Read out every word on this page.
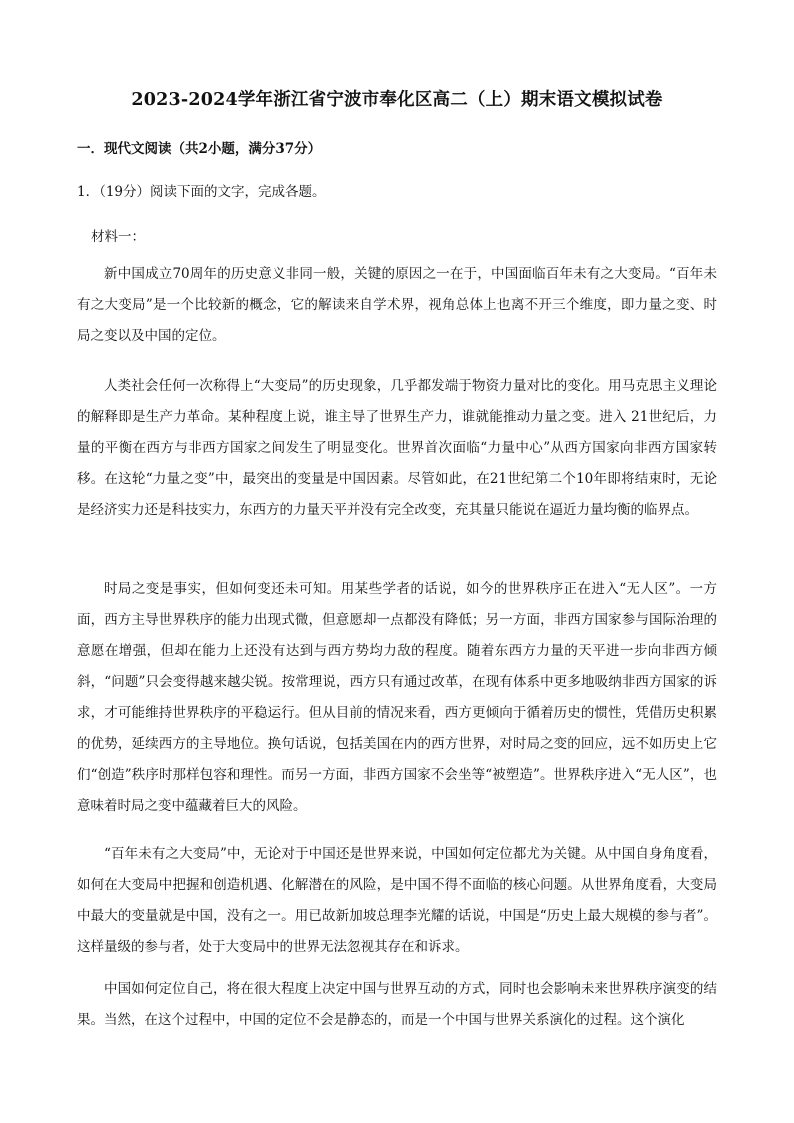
2023-2024学年浙江省宁波市奉化区高二（上）期末语文模拟试卷
一．现代文阅读（共2小题，满分37分）
1．（19分）阅读下面的文字，完成各题。
材料一：

新中国成立70周年的历史意义非同一般，关键的原因之一在于，中国面临百年未有之大变局。“百年未有之大变局”是一个比较新的概念，它的解读来自学术界，视角总体上也离不开三个维度，即力量之变、时局之变以及中国的定位。

人类社会任何一次称得上“大变局”的历史现象，几乎都发端于物资力量对比的变化。用马克思主义理论的解释即是生产力革命。某种程度上说，谁主导了世界生产力，谁就能推动力量之变。进入 21世纪后，力量的平衡在西方与非西方国家之间发生了明显变化。世界首次面临“力量中心”从西方国家向非西方国家转移。在这轮“力量之变”中，最突出的变量是中国因素。尽管如此，在21世纪第二个10年即将结束时，无论是经济实力还是科技实力，东西方的力量天平并没有完全改变，充其量只能说在逼近力量均衡的临界点。

时局之变是事实，但如何变还未可知。用某些学者的话说，如今的世界秩序正在进入“无人区”。一方面，西方主导世界秩序的能力出现式微，但意愿却一点都没有降低；另一方面，非西方国家参与国际治理的意愿在增强，但却在能力上还没有达到与西方势均力敌的程度。随着东西方力量的天平进一步向非西方倾斜，“问题”只会变得越来越尖锐。按常理说，西方只有通过改革，在现有体系中更多地吸纳非西方国家的诉求，才可能维持世界秩序的平稳运行。但从目前的情况来看，西方更倾向于循着历史的惯性，凭借历史积累的优势，延续西方的主导地位。换句话说，包括美国在内的西方世界，对时局之变的回应，远不如历史上它们“创造”秩序时那样包容和理性。而另一方面，非西方国家不会坐等“被塑造”。世界秩序进入“无人区”，也意味着时局之变中蕴藏着巨大的风险。

“百年未有之大变局”中，无论对于中国还是世界来说，中国如何定位都尤为关键。从中国自身角度看，如何在大变局中把握和创造机遇、化解潜在的风险，是中国不得不面临的核心问题。从世界角度看，大变局中最大的变量就是中国，没有之一。用已故新加坡总理李光耀的话说，中国是“历史上最大规模的参与者”。这样量级的参与者，处于大变局中的世界无法忽视其存在和诉求。

中国如何定位自己，将在很大程度上决定中国与世界互动的方式，同时也会影响未来世界秩序演变的结果。当然，在这个过程中，中国的定位不会是静态的，而是一个中国与世界关系演化的过程。这个演化
